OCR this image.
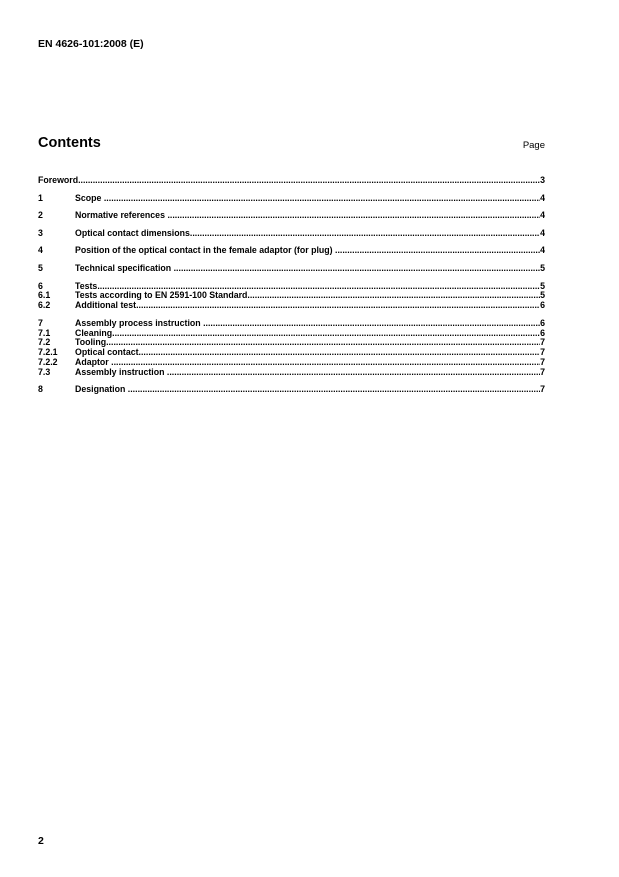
EN 4626-101:2008 (E)
Contents	Page
Foreword .....	3
1	Scope .....	4
2	Normative references .....	4
3	Optical contact dimensions .....	4
4	Position of the optical contact in the female adaptor (for plug) .....	4
5	Technical specification .....	5
6	Tests .....	5
6.1	Tests according to EN 2591-100 Standard .....	5
6.2	Additional test .....	6
7	Assembly process instruction .....	6
7.1	Cleaning .....	6
7.2	Tooling .....	7
7.2.1	Optical contact .....	7
7.2.2	Adaptor .....	7
7.3	Assembly instruction .....	7
8	Designation .....	7
2
